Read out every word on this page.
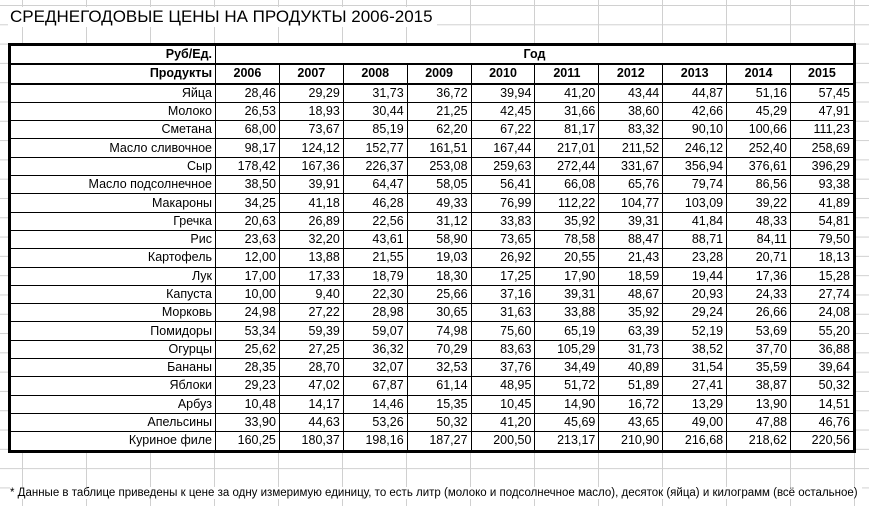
СРЕДНЕГОДОВЫЕ ЦЕНЫ НА ПРОДУКТЫ 2006-2015
Руб/Ед.	Год									
Продукты	2006	2007	2008	2009	2010	2011	2012	2013	2014	2015
Яйца	28,46	29,29	31,73	36,72	39,94	41,20	43,44	44,87	51,16	57,45
Молоко	26,53	18,93	30,44	21,25	42,45	31,66	38,60	42,66	45,29	47,91
Сметана	68,00	73,67	85,19	62,20	67,22	81,17	83,32	90,10	100,66	111,23
Масло сливочное	98,17	124,12	152,77	161,51	167,44	217,01	211,52	246,12	252,40	258,69
Сыр	178,42	167,36	226,37	253,08	259,63	272,44	331,67	356,94	376,61	396,29
Масло подсолнечное	38,50	39,91	64,47	58,05	56,41	66,08	65,76	79,74	86,56	93,38
Макароны	34,25	41,18	46,28	49,33	76,99	112,22	104,77	103,09	39,22	41,89
Гречка	20,63	26,89	22,56	31,12	33,83	35,92	39,31	41,84	48,33	54,81
Рис	23,63	32,20	43,61	58,90	73,65	78,58	88,47	88,71	84,11	79,50
Картофель	12,00	13,88	21,55	19,03	26,92	20,55	21,43	23,28	20,71	18,13
Лук	17,00	17,33	18,79	18,30	17,25	17,90	18,59	19,44	17,36	15,28
Капуста	10,00	9,40	22,30	25,66	37,16	39,31	48,67	20,93	24,33	27,74
Морковь	24,98	27,22	28,98	30,65	31,63	33,88	35,92	29,24	26,66	24,08
Помидоры	53,34	59,39	59,07	74,98	75,60	65,19	63,39	52,19	53,69	55,20
Огурцы	25,62	27,25	36,32	70,29	83,63	105,29	31,73	38,52	37,70	36,88
Бананы	28,35	28,70	32,07	32,53	37,76	34,49	40,89	31,54	35,59	39,64
Яблоки	29,23	47,02	67,87	61,14	48,95	51,72	51,89	27,41	38,87	50,32
Арбуз	10,48	14,17	14,46	15,35	10,45	14,90	16,72	13,29	13,90	14,51
Апельсины	33,90	44,63	53,26	50,32	41,20	45,69	43,65	49,00	47,88	46,76
Куриное филе	160,25	180,37	198,16	187,27	200,50	213,17	210,90	216,68	218,62	220,56
* Данные в таблице приведены к цене за одну измеримую единицу, то есть литр (молоко и подсолнечное масло), десяток (яйца) и килограмм (всё остальное)
